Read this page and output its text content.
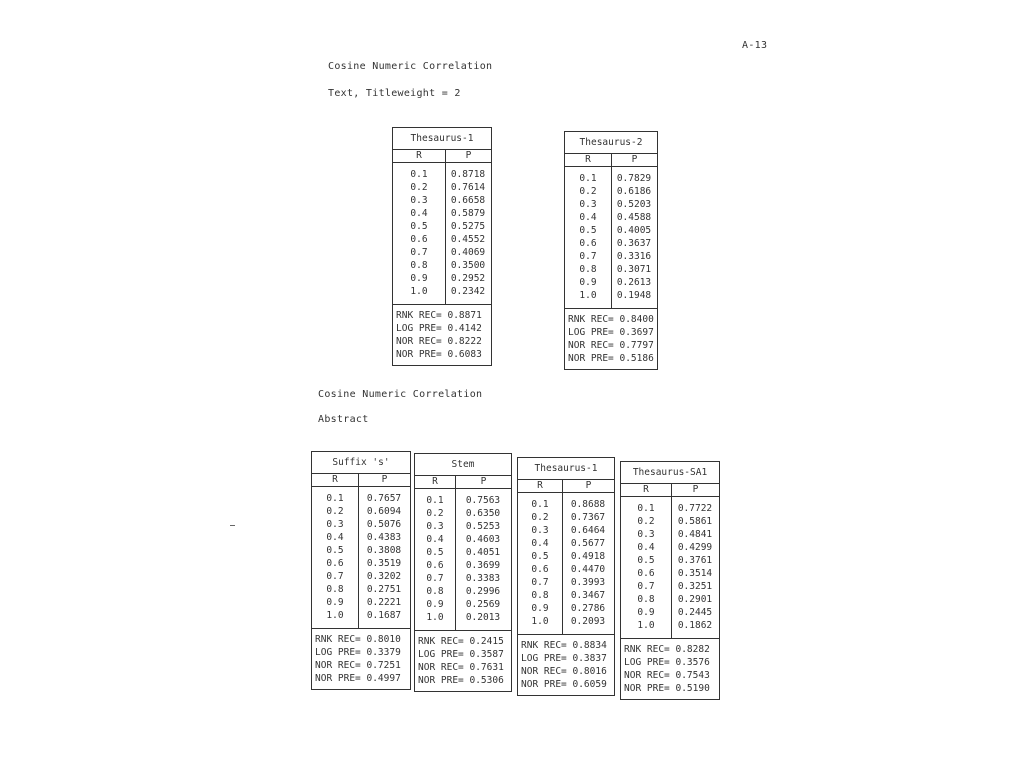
A-13
Cosine Numeric Correlation
Text, Titleweight = 2
Cosine Numeric Correlation
Abstract
Thesaurus-1
R	P
0.1	0.8718
0.2	0.7614
0.3	0.6658
0.4	0.5879
0.5	0.5275
0.6	0.4552
0.7	0.4069
0.8	0.3500
0.9	0.2952
1.0	0.2342
RNK REC= 0.8871
LOG PRE= 0.4142
NOR REC= 0.8222
NOR PRE= 0.6083
Thesaurus-2
R	P
0.1	0.7829
0.2	0.6186
0.3	0.5203
0.4	0.4588
0.5	0.4005
0.6	0.3637
0.7	0.3316
0.8	0.3071
0.9	0.2613
1.0	0.1948
RNK REC= 0.8400
LOG PRE= 0.3697
NOR REC= 0.7797
NOR PRE= 0.5186
Suffix 's'
R	P
0.1	0.7657
0.2	0.6094
0.3	0.5076
0.4	0.4383
0.5	0.3808
0.6	0.3519
0.7	0.3202
0.8	0.2751
0.9	0.2221
1.0	0.1687
RNK REC= 0.8010
LOG PRE= 0.3379
NOR REC= 0.7251
NOR PRE= 0.4997
Stem
R	P
0.1	0.7563
0.2	0.6350
0.3	0.5253
0.4	0.4603
0.5	0.4051
0.6	0.3699
0.7	0.3383
0.8	0.2996
0.9	0.2569
1.0	0.2013
RNK REC= 0.2415
LOG PRE= 0.3587
NOR REC= 0.7631
NOR PRE= 0.5306
Thesaurus-1
R	P
0.1	0.8688
0.2	0.7367
0.3	0.6464
0.4	0.5677
0.5	0.4918
0.6	0.4470
0.7	0.3993
0.8	0.3467
0.9	0.2786
1.0	0.2093
RNK REC= 0.8834
LOG PRE= 0.3837
NOR REC= 0.8016
NOR PRE= 0.6059
Thesaurus-SA1
R	P
0.1	0.7722
0.2	0.5861
0.3	0.4841
0.4	0.4299
0.5	0.3761
0.6	0.3514
0.7	0.3251
0.8	0.2901
0.9	0.2445
1.0	0.1862
RNK REC= 0.8282
LOG PRE= 0.3576
NOR REC= 0.7543
NOR PRE= 0.5190
